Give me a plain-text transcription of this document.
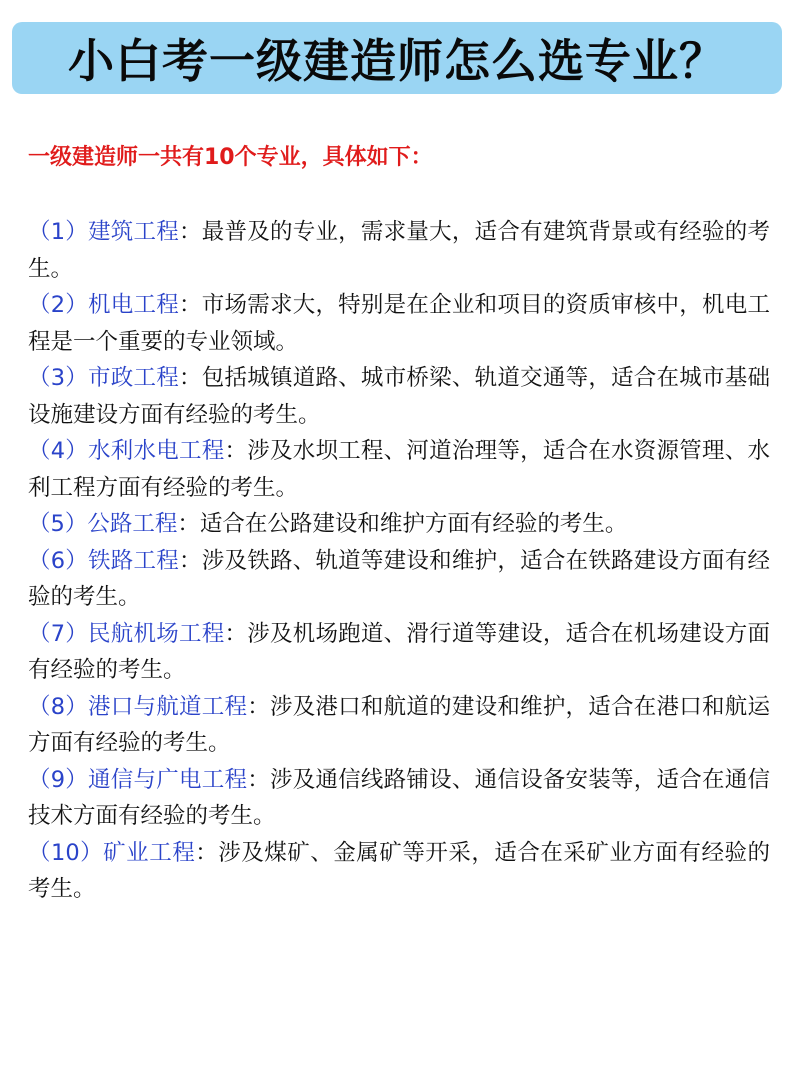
小白考一级建造师怎么选专业？

一级建造师一共有10个专业，具体如下：

（1）建筑工程：最普及的专业，需求量大，适合有建筑背景或有经验的考生。

（2）机电工程：市场需求大，特别是在企业和项目的资质审核中，机电工程是一个重要的专业领域。

（3）市政工程：包括城镇道路、城市桥梁、轨道交通等，适合在城市基础设施建设方面有经验的考生。

（4）水利水电工程：涉及水坝工程、河道治理等，适合在水资源管理、水利工程方面有经验的考生。

（5）公路工程：适合在公路建设和维护方面有经验的考生。

（6）铁路工程：涉及铁路、轨道等建设和维护，适合在铁路建设方面有经验的考生。

（7）民航机场工程：涉及机场跑道、滑行道等建设，适合在机场建设方面有经验的考生。

（8）港口与航道工程：涉及港口和航道的建设和维护，适合在港口和航运方面有经验的考生。

（9）通信与广电工程：涉及通信线路铺设、通信设备安装等，适合在通信技术方面有经验的考生。

（10）矿业工程：涉及煤矿、金属矿等开采，适合在采矿业方面有经验的考生。
